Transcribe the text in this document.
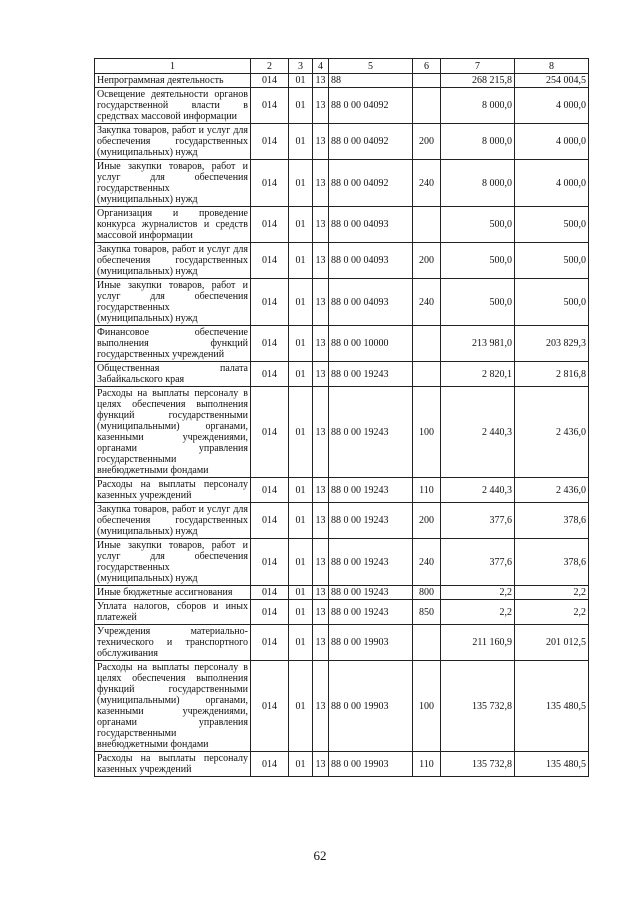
1	2	3	4	5	6	7	8
Непрограммная деятельность	014	01	13	88		268 215,8	254 004,5
Освещение деятельности органов государственной власти в средствах массовой информации	014	01	13	88 0 00 04092		8 000,0	4 000,0
Закупка товаров, работ и услуг для обеспечения государственных (муниципальных) нужд	014	01	13	88 0 00 04092	200	8 000,0	4 000,0
Иные закупки товаров, работ и услуг для обеспечения государственных (муниципальных) нужд	014	01	13	88 0 00 04092	240	8 000,0	4 000,0
Организация и проведение конкурса журналистов и средств массовой информации	014	01	13	88 0 00 04093		500,0	500,0
Закупка товаров, работ и услуг для обеспечения государственных (муниципальных) нужд	014	01	13	88 0 00 04093	200	500,0	500,0
Иные закупки товаров, работ и услуг для обеспечения государственных (муниципальных) нужд	014	01	13	88 0 00 04093	240	500,0	500,0
Финансовое обеспечение выполнения функций государственных учреждений	014	01	13	88 0 00 10000		213 981,0	203 829,3
Общественная палата Забайкальского края	014	01	13	88 0 00 19243		2 820,1	2 816,8
Расходы на выплаты персоналу в целях обеспечения выполнения функций государственными (муниципальными) органами, казенными учреждениями, органами управления государственными внебюджетными фондами	014	01	13	88 0 00 19243	100	2 440,3	2 436,0
Расходы на выплаты персоналу казенных учреждений	014	01	13	88 0 00 19243	110	2 440,3	2 436,0
Закупка товаров, работ и услуг для обеспечения государственных (муниципальных) нужд	014	01	13	88 0 00 19243	200	377,6	378,6
Иные закупки товаров, работ и услуг для обеспечения государственных (муниципальных) нужд	014	01	13	88 0 00 19243	240	377,6	378,6
Иные бюджетные ассигнования	014	01	13	88 0 00 19243	800	2,2	2,2
Уплата налогов, сборов и иных платежей	014	01	13	88 0 00 19243	850	2,2	2,2
Учреждения материально-технического и транспортного обслуживания	014	01	13	88 0 00 19903		211 160,9	201 012,5
Расходы на выплаты персоналу в целях обеспечения выполнения функций государственными (муниципальными) органами, казенными учреждениями, органами управления государственными внебюджетными фондами	014	01	13	88 0 00 19903	100	135 732,8	135 480,5
Расходы на выплаты персоналу казенных учреждений	014	01	13	88 0 00 19903	110	135 732,8	135 480,5
62
